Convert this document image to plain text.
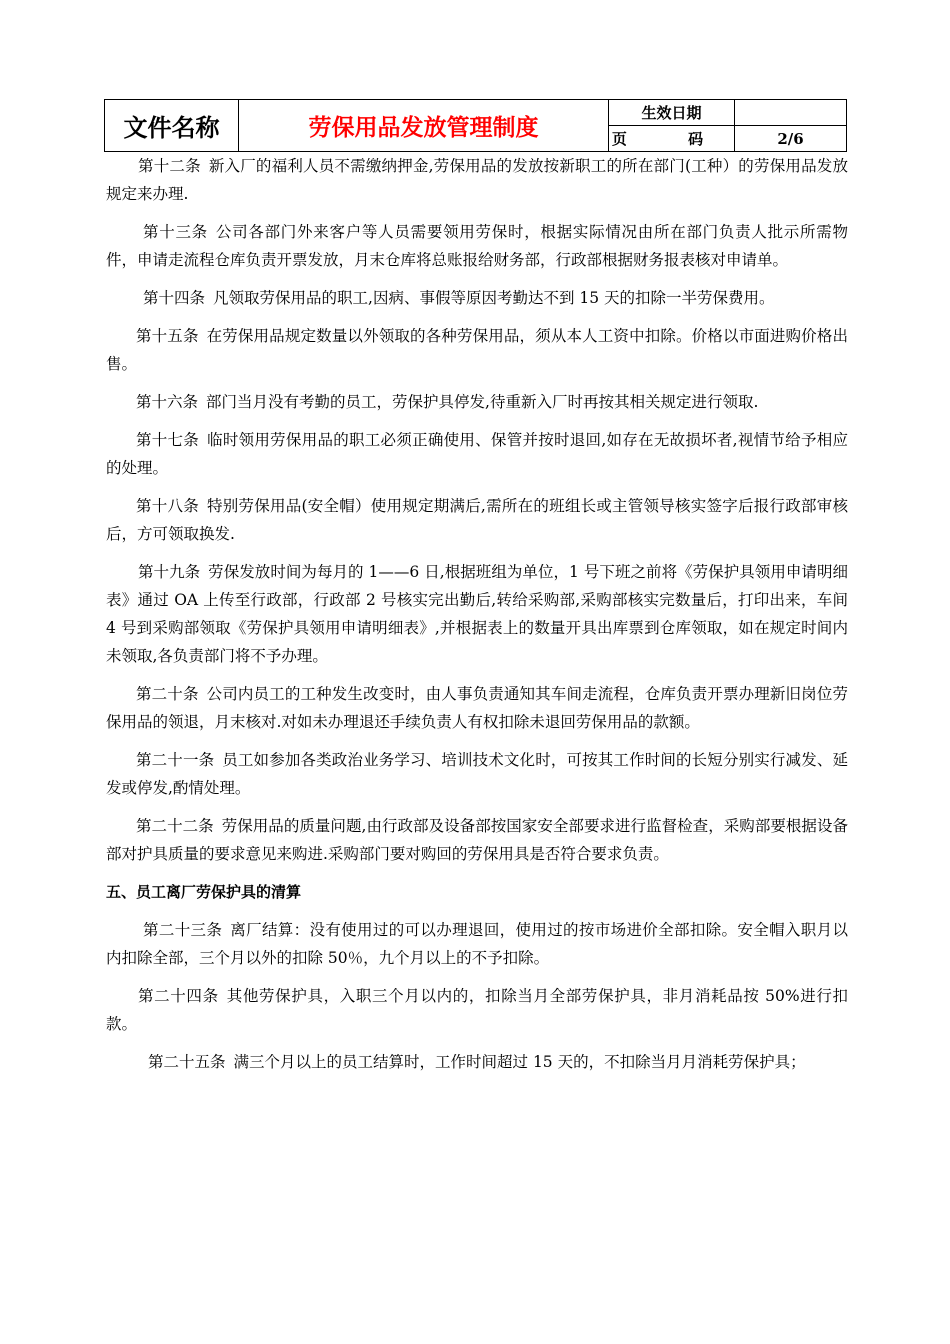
文件名称	劳保用品发放管理制度	生效日期	
		页 码	2/6

第十二条 新入厂的福利人员不需缴纳押金,劳保用品的发放按新职工的所在部门(工种）的劳保用品发放规定来办理.

第十三条 公司各部门外来客户等人员需要领用劳保时，根据实际情况由所在部门负责人批示所需物件，申请走流程仓库负责开票发放，月末仓库将总账报给财务部，行政部根据财务报表核对申请单。

第十四条 凡领取劳保用品的职工,因病、事假等原因考勤达不到 15 天的扣除一半劳保费用。

第十五条 在劳保用品规定数量以外领取的各种劳保用品，须从本人工资中扣除。价格以市面进购价格出售。

第十六条 部门当月没有考勤的员工，劳保护具停发,待重新入厂时再按其相关规定进行领取.

第十七条 临时领用劳保用品的职工必须正确使用、保管并按时退回,如存在无故损坏者,视情节给予相应的处理。

第十八条 特别劳保用品(安全帽）使用规定期满后,需所在的班组长或主管领导核实签字后报行政部审核后，方可领取换发.

第十九条 劳保发放时间为每月的 1——6 日,根据班组为单位，1 号下班之前将《劳保护具领用申请明细表》通过 OA 上传至行政部，行政部 2 号核实完出勤后,转给采购部,采购部核实完数量后，打印出来，车间 4 号到采购部领取《劳保护具领用申请明细表》,并根据表上的数量开具出库票到仓库领取，如在规定时间内未领取,各负责部门将不予办理。

第二十条 公司内员工的工种发生改变时，由人事负责通知其车间走流程，仓库负责开票办理新旧岗位劳保用品的领退，月末核对.对如未办理退还手续负责人有权扣除未退回劳保用品的款额。

第二十一条 员工如参加各类政治业务学习、培训技术文化时，可按其工作时间的长短分别实行减发、延发或停发,酌情处理。

第二十二条 劳保用品的质量问题,由行政部及设备部按国家安全部要求进行监督检查，采购部要根据设备部对护具质量的要求意见来购进.采购部门要对购回的劳保用具是否符合要求负责。

五、员工离厂劳保护具的清算

第二十三条 离厂结算：没有使用过的可以办理退回，使用过的按市场进价全部扣除。安全帽入职月以内扣除全部，三个月以外的扣除 50％，九个月以上的不予扣除。

第二十四条 其他劳保护具，入职三个月以内的，扣除当月全部劳保护具，非月消耗品按 50%进行扣款。

第二十五条 满三个月以上的员工结算时，工作时间超过 15 天的，不扣除当月月消耗劳保护具；
